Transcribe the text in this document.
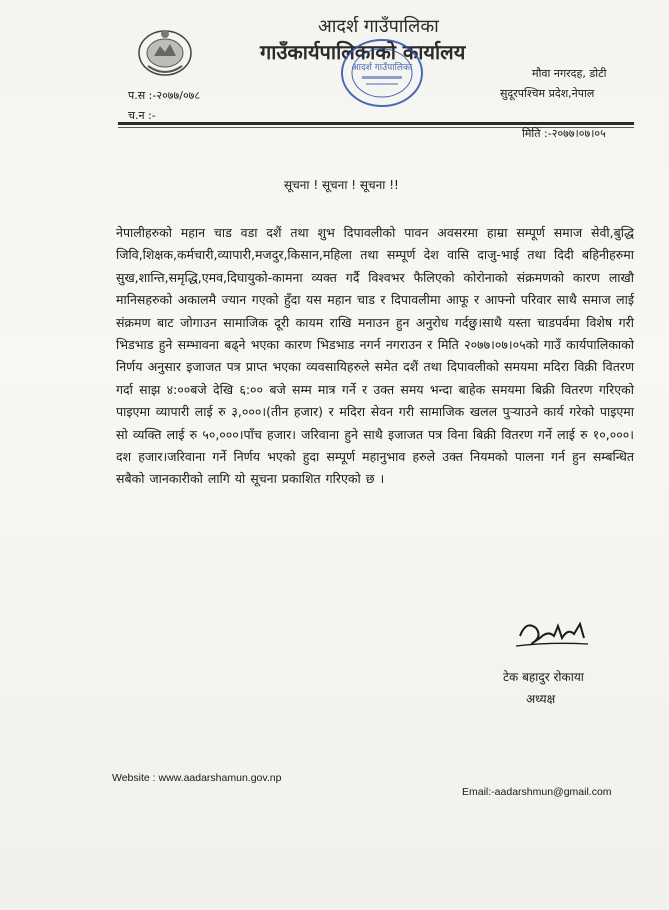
आदर्श गाउँपालिका
गाउँकार्यपालिकाको कार्यालय
आदर्श गाउँपालिका	मौवा नगरदह, डोटी
सुदूरपश्चिम प्रदेश,नेपाल
प.स :-२०७७/०७८
च.न :-
मिति :-२०७७।०७।०५
सूचना ! सूचना ! सूचना !!
नेपालीहरुको महान चाड वडा दशैं तथा शुभ दिपावलीको पावन अवसरमा हाम्रा सम्पूर्ण समाज सेवी,बुद्धि जिवि,शिक्षक,कर्मचारी,व्यापारी,मजदुर,किसान,महिला तथा सम्पूर्ण देश वासि दाजु-भाई तथा दिदी बहिनीहरुमा सुख,शान्ति,समृद्धि,एमव,दिघायुको-कामना व्यक्त गर्दै विश्वभर फैलिएको कोरोनाको संक्रमणको कारण लाखौ मानिसहरुको अकालमै ज्यान गएको हुँदा यस महान चाड र दिपावलीमा आफू र आफ्नो परिवार साथै समाज लाई संक्रमण बाट जोगाउन सामाजिक दूरी कायम राखि मनाउन हुन अनुरोध गर्दछु।साथै यस्ता चाडपर्वमा विशेष गरी भिडभाड हुने सम्भावना बढ्ने भएका कारण भिडभाड नगर्न नगराउन र मिति २०७७।०७।०५को गाउँ कार्यपालिकाको निर्णय अनुसार इजाजत पत्र प्राप्त भएका व्यवसायिहरुले समेत दशैं तथा दिपावलीको समयमा मदिरा विक्री वितरण गर्दा साझ ४:००बजे देखि ६:०० बजे सम्म मात्र गर्ने र उक्त समय भन्दा बाहेक समयमा बिक्री वितरण गरिएको पाइएमा व्यापारी लाई रु ३,०००।(तीन हजार) र मदिरा सेवन गरी सामाजिक खलल पुऱ्याउने कार्य गरेको पाइएमा सो व्यक्ति लाई रु ५०,०००।पाँच हजार। जरिवाना हुने साथै इजाजत पत्र विना बिक्री वितरण गर्ने लाई रु १०,०००।दश हजार।जरिवाना गर्ने निर्णय भएको हुदा सम्पूर्ण महानुभाव हरुले उक्त नियमको पालना गर्न हुन सम्बन्धित सबैको जानकारीको लागि यो सूचना प्रकाशित गरिएको छ ।
टेक बहादुर रोकाया
अध्यक्ष
Website : www.aadarshamun.gov.np
Email:-aadarshmun@gmail.com
